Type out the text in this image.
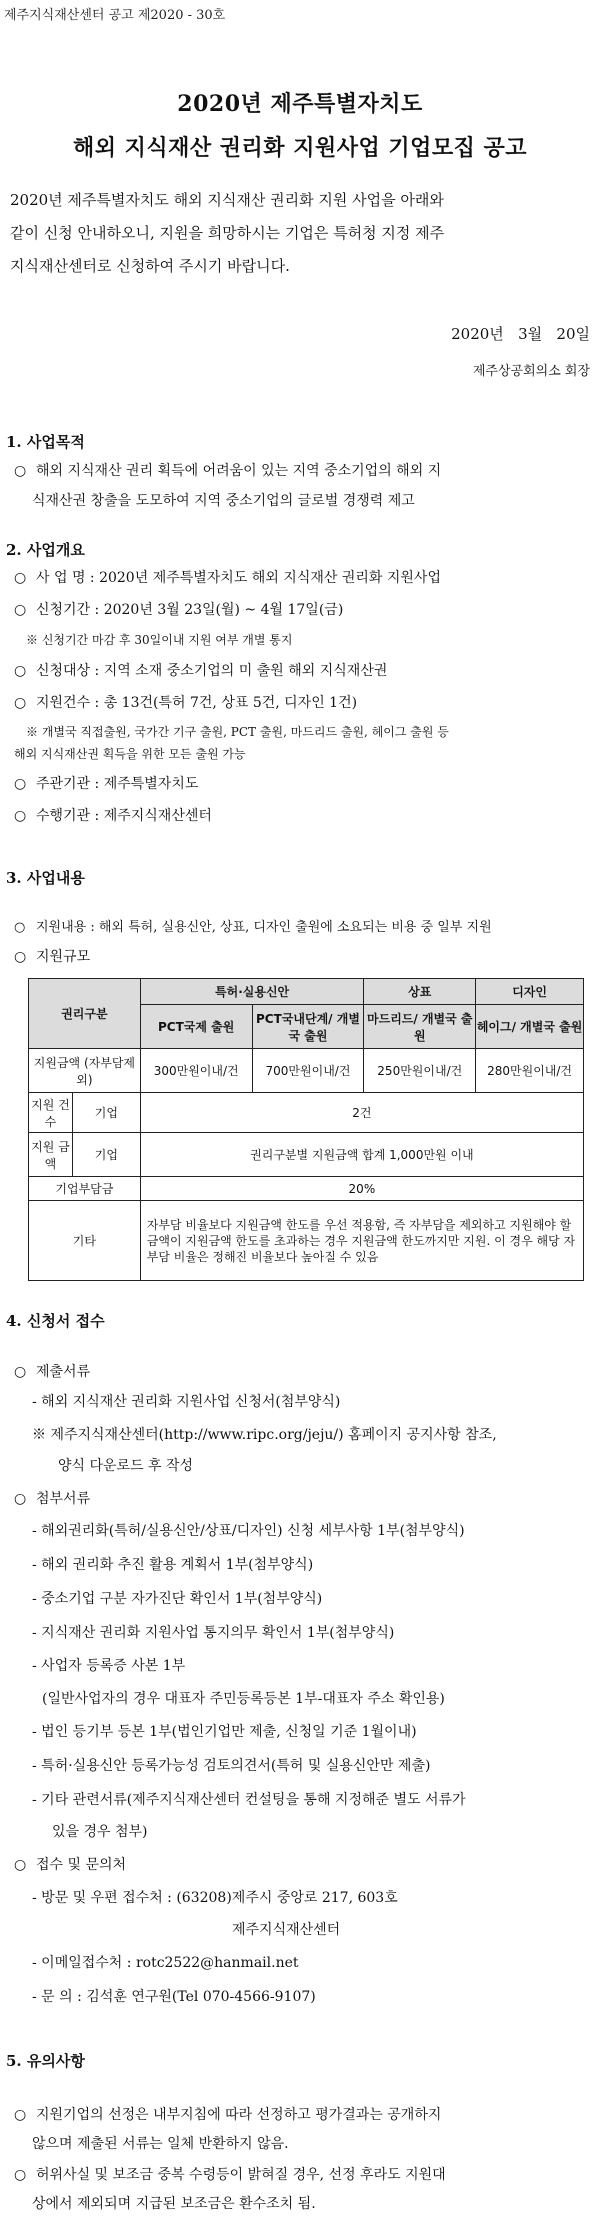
제주지식재산센터 공고 제2020 - 30호
2020년 제주특별자치도
해외 지식재산 권리화 지원사업 기업모집 공고
2020년 제주특별자치도 해외 지식재산 권리화 지원 사업을 아래와
같이 신청 안내하오니, 지원을 희망하시는 기업은 특허청 지정 제주
지식재산센터로 신청하여 주시기 바랍니다.
2020년   3월   20일
제주상공회의소 회장
1. 사업목적
○ 해외 지식재산 권리 획득에 어려움이 있는 지역 중소기업의 해외 지
식재산권 창출을 도모하여 지역 중소기업의 글로벌 경쟁력 제고
2. 사업개요
○ 사 업 명 : 2020년 제주특별자치도 해외 지식재산 권리화 지원사업
○ 신청기간 : 2020년 3월 23일(월) ~ 4월 17일(금)
※ 신청기간 마감 후 30일이내 지원 여부 개별 통지
○ 신청대상 : 지역 소재 중소기업의 미 출원 해외 지식재산권
○ 지원건수 : 총 13건(특허 7건, 상표 5건, 디자인 1건)
※ 개별국 직접출원, 국가간 기구 출원, PCT 출원, 마드리드 출원, 헤이그 출원 등
해외 지식재산권 획득을 위한 모든 출원 가능
○ 주관기관 : 제주특별자치도
○ 수행기관 : 제주지식재산센터
3. 사업내용
○ 지원내용 : 해외 특허, 실용신안, 상표, 디자인 출원에 소요되는 비용 중 일부 지원
○ 지원규모
권리구분		특허·실용신안		상표	디자인
		PCT국제 출원	PCT국내단계/ 개별국 출원	마드리드/ 개별국 출원	헤이그/ 개별국 출원
지원금액 (자부담제외)		300만원이내/건	700만원이내/건	250만원이내/건	280만원이내/건
지원 건수	기업	2건			
지원 금액	기업	권리구분별 지원금액 합계 1,000만원 이내			
기업부담금		20%			
기타		자부담 비율보다 지원금액 한도를 우선 적용함, 즉 자부담을 제외하고 지원해야 할 금액이 지원금액 한도를 초과하는 경우 지원금액 한도까지만 지원. 이 경우 해당 자부담 비율은 정해진 비율보다 높아질 수 있음			
4. 신청서 접수
○ 제출서류
- 해외 지식재산 권리화 지원사업 신청서(첨부양식)
※ 제주지식재산센터(http://www.ripc.org/jeju/) 홈페이지 공지사항 참조,
양식 다운로드 후 작성
○ 첨부서류
- 해외권리화(특허/실용신안/상표/디자인) 신청 세부사항 1부(첨부양식)
- 해외 권리화 추진 활용 계획서 1부(첨부양식)
- 중소기업 구분 자가진단 확인서 1부(첨부양식)
- 지식재산 권리화 지원사업 통지의무 확인서 1부(첨부양식)
- 사업자 등록증 사본 1부
(일반사업자의 경우 대표자 주민등록등본 1부-대표자 주소 확인용)
- 법인 등기부 등본 1부(법인기업만 제출, 신청일 기준 1월이내)
- 특허·실용신안 등록가능성 검토의견서(특허 및 실용신안만 제출)
- 기타 관련서류(제주지식재산센터 컨설팅을 통해 지정해준 별도 서류가
있을 경우 첨부)
○ 접수 및 문의처
- 방문 및 우편 접수처 : (63208)제주시 중앙로 217, 603호
제주지식재산센터
- 이메일접수처 : rotc2522@hanmail.net
- 문 의 : 김석훈 연구원(Tel 070-4566-9107)
5. 유의사항
○ 지원기업의 선정은 내부지침에 따라 선정하고 평가결과는 공개하지
않으며 제출된 서류는 일체 반환하지 않음.
○ 허위사실 및 보조금 중복 수령등이 밝혀질 경우, 선정 후라도 지원대
상에서 제외되며 지급된 보조금은 환수조치 됨.
